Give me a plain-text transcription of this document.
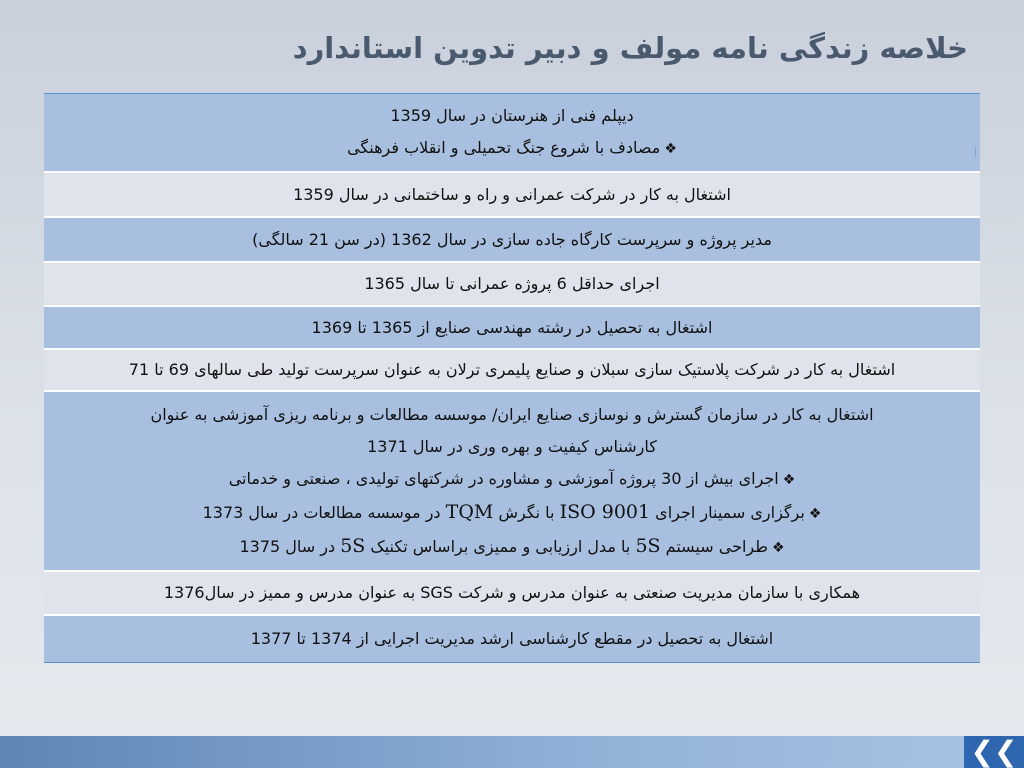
خلاصه زندگی نامه مولف و دبیر تدوین استاندارد
دیپلم فنی از هنرستان در سال 1359
❖مصادف با شروع جنگ تحمیلی و انقلاب فرهنگی
اشتغال به کار در شرکت عمرانی و راه و ساختمانی در سال 1359
مدیر پروژه و سرپرست کارگاه جاده سازی در سال 1362 (در سن 21 سالگی)
اجرای حداقل 6 پروژه عمرانی تا سال 1365
اشتغال به تحصیل در رشته مهندسی صنایع از 1365 تا 1369
اشتغال به کار در شرکت پلاستیک سازی سبلان و صنایع پلیمری ترلان به عنوان سرپرست تولید طی سالهای 69 تا 71
اشتغال به کار در سازمان گسترش و نوسازی صنایع ایران/ موسسه مطالعات و برنامه ریزی آموزشی به عنوان
کارشناس کیفیت و بهره وری در سال 1371
❖اجرای بیش از 30 پروژه آموزشی و مشاوره در شرکتهای تولیدی ، صنعتی و خدماتی
❖برگزاری سمینار اجرای ISO 9001 با نگرش TQM در موسسه مطالعات در سال 1373
❖طراحی سیستم 5S با مدل ارزیابی و ممیزی براساس تکنیک 5S در سال 1375
همکاری با سازمان مدیریت صنعتی به عنوان مدرس و شرکت SGS به عنوان مدرس و ممیز در سال1376
اشتغال به تحصیل در مقطع کارشناسی ارشد مدیریت اجرایی از 1374 تا 1377
❮❮
